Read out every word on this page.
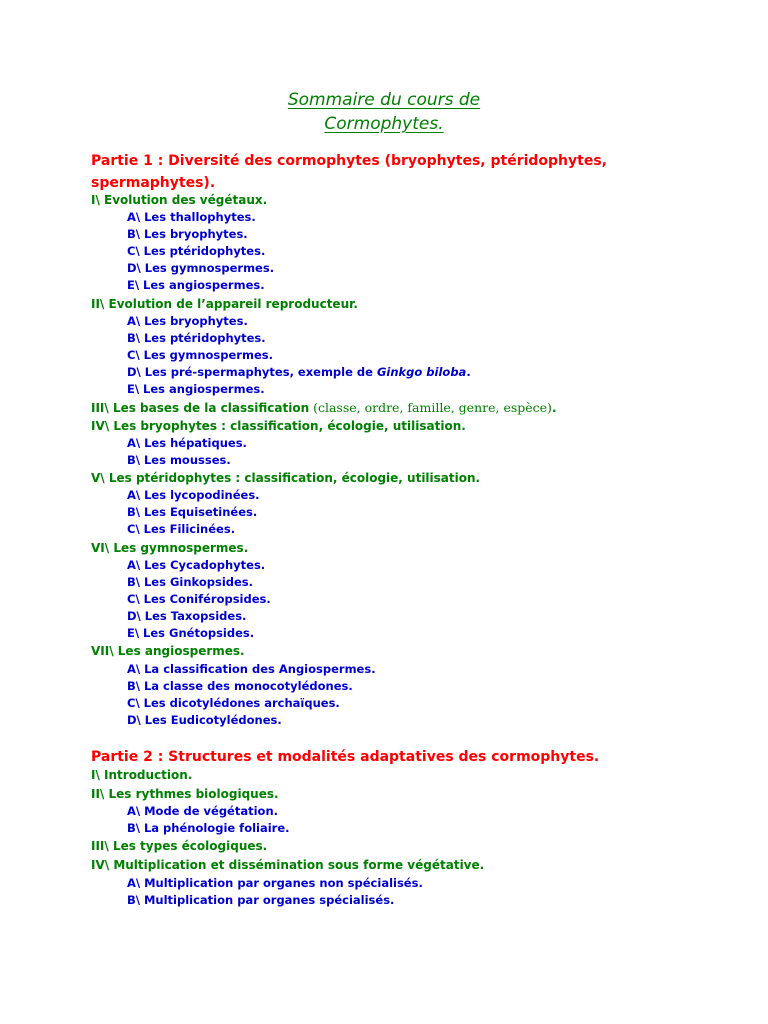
Sommaire du cours de
Cormophytes.
Partie 1 : Diversité des cormophytes (bryophytes, ptéridophytes, spermaphytes).
I\ Evolution des végétaux.
A\ Les thallophytes.
B\ Les bryophytes.
C\ Les ptéridophytes.
D\ Les gymnospermes.
E\ Les angiospermes.
II\ Evolution de l’appareil reproducteur.
A\ Les bryophytes.
B\ Les ptéridophytes.
C\ Les gymnospermes.
D\ Les pré-spermaphytes, exemple de Ginkgo biloba.
E\ Les angiospermes.
III\ Les bases de la classification (classe, ordre, famille, genre, espèce).
IV\ Les bryophytes : classification, écologie, utilisation.
A\ Les hépatiques.
B\ Les mousses.
V\ Les ptéridophytes : classification, écologie, utilisation.
A\ Les lycopodinées.
B\ Les Equisetinées.
C\ Les Filicinées.
VI\ Les gymnospermes.
A\ Les Cycadophytes.
B\ Les Ginkopsides.
C\ Les Coniféropsides.
D\ Les Taxopsides.
E\ Les Gnétopsides.
VII\ Les angiospermes.
A\ La classification des Angiospermes.
B\ La classe des monocotylédones.
C\ Les dicotylédones archaïques.
D\ Les Eudicotylédones.
Partie 2 : Structures et modalités adaptatives des cormophytes.
I\ Introduction.
II\ Les rythmes biologiques.
A\ Mode de végétation.
B\ La phénologie foliaire.
III\ Les types écologiques.
IV\ Multiplication et dissémination sous forme végétative.
A\ Multiplication par organes non spécialisés.
B\ Multiplication par organes spécialisés.
